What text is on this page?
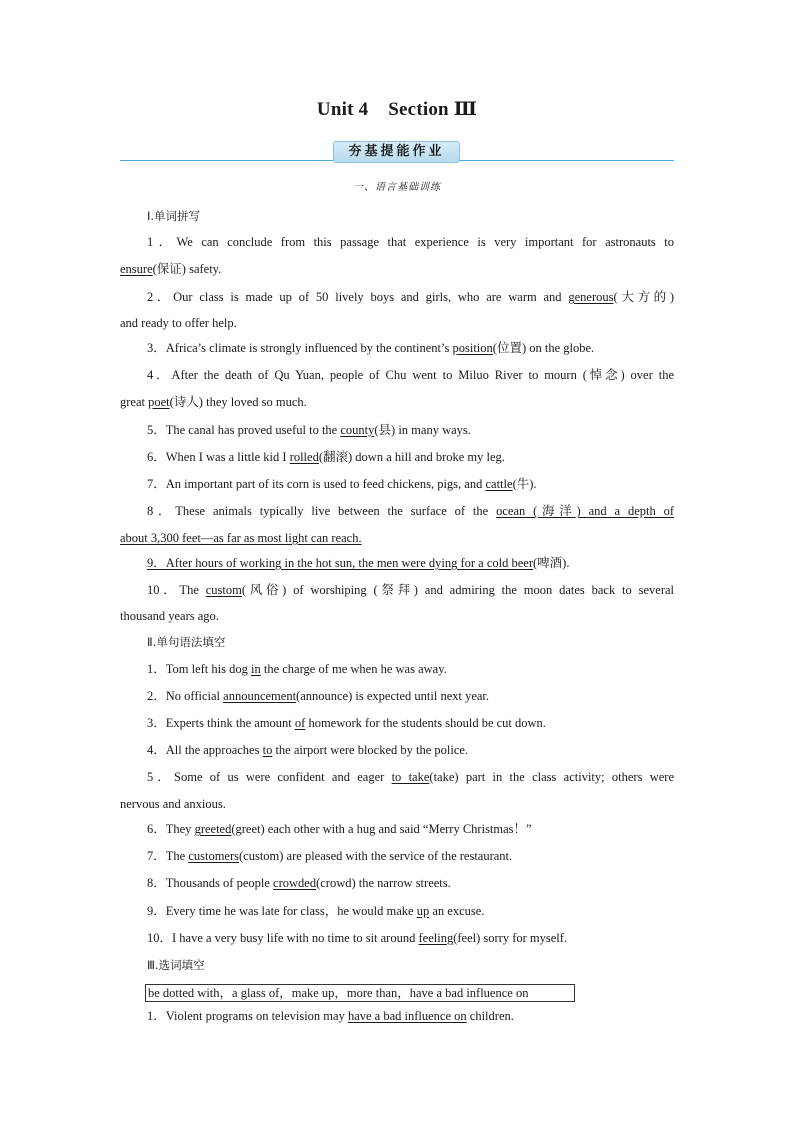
Unit 4 Section Ⅲ
夯基提能作业
一、语言基础训练
Ⅰ.单词拼写
1．We can conclude from this passage that experience is very important for astronauts to
ensure(保证) safety.
2．Our class is made up of 50 lively boys and girls, who are warm and generous(大方的)
and ready to offer help.
3．Africa’s climate is strongly influenced by the continent’s position(位置) on the globe.
4．After the death of Qu Yuan, people of Chu went to Miluo River to mourn (悼念) over the
great poet(诗人) they loved so much.
5．The canal has proved useful to the county(县) in many ways.
6．When I was a little kid I rolled(翻滚) down a hill and broke my leg.
7．An important part of its corn is used to feed chickens, pigs, and cattle(牛).
8．These animals typically live between the surface of the ocean (海洋) and a depth of
about 3,300 feet—as far as most light can reach.
9．After hours of working in the hot sun, the men were dying for a cold beer(啤酒).
10．The custom(风俗) of worshiping (祭拜) and admiring the moon dates back to several
thousand years ago.
Ⅱ.单句语法填空
1．Tom left his dog in the charge of me when he was away.
2．No official announcement(announce) is expected until next year.
3．Experts think the amount of homework for the students should be cut down.
4．All the approaches to the airport were blocked by the police.
5．Some of us were confident and eager to take(take) part in the class activity; others were
nervous and anxious.
6．They greeted(greet) each other with a hug and said “Merry Christmas！”
7．The customers(custom) are pleased with the service of the restaurant.
8．Thousands of people crowded(crowd) the narrow streets.
9．Every time he was late for class，he would make up an excuse.
10．I have a very busy life with no time to sit around feeling(feel) sorry for myself.
Ⅲ.选词填空
be dotted with，a glass of，make up，more than，have a bad influence on
1．Violent programs on television may have a bad influence on children.
